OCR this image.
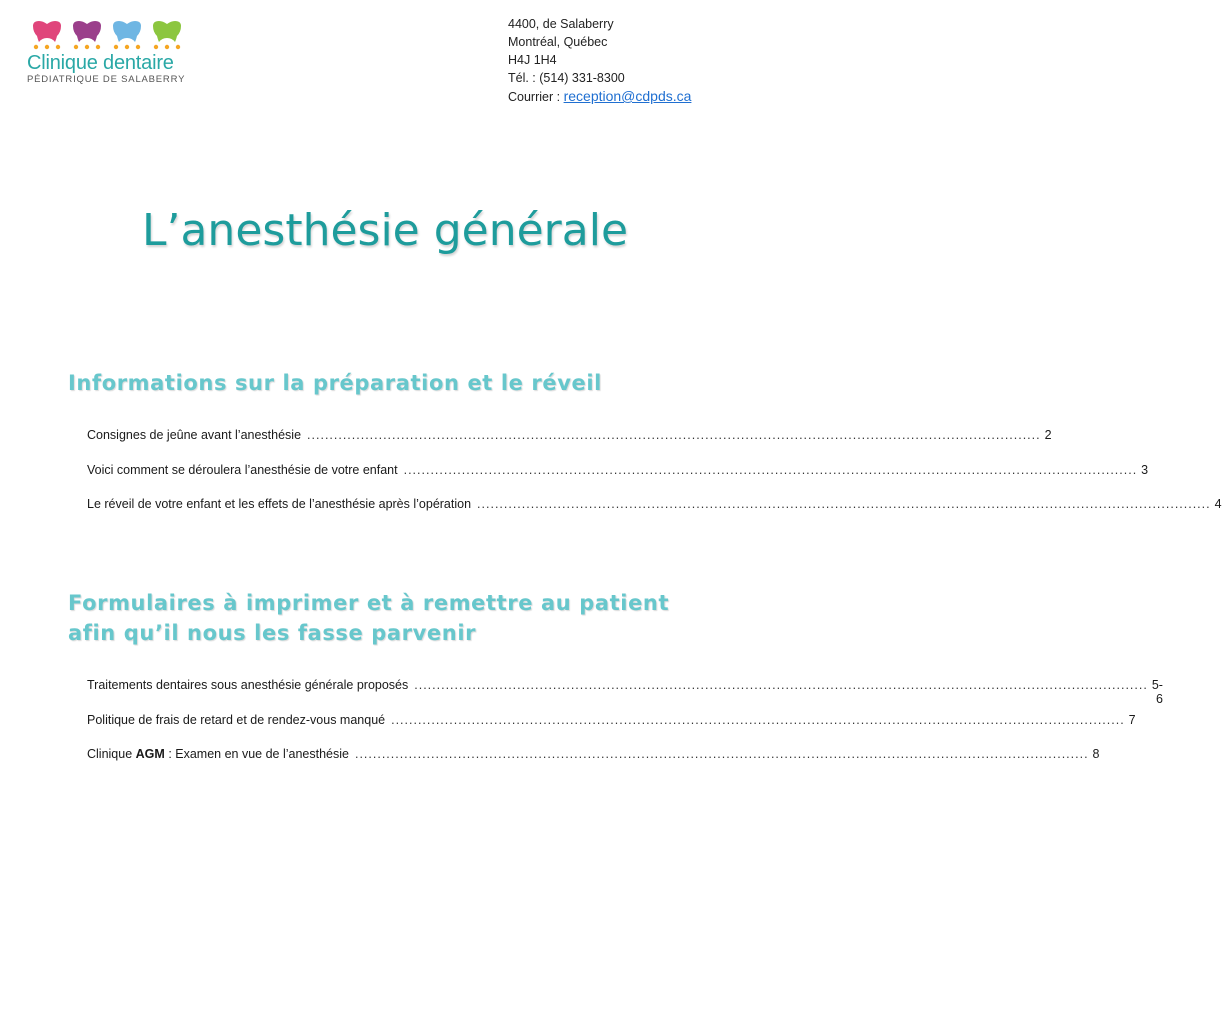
Clinique dentaire
PÉDIATRIQUE DE SALABERRY
4400, de Salaberry
Montréal, Québec
H4J 1H4
Tél. : (514) 331-8300
Courrier : reception@cdpds.ca
L’anesthésie générale
Informations sur la préparation et le réveil
Consignes de jeûne avant l’anesthésie .................................................................................................................................................................... 2
Voici comment se déroulera l’anesthésie de votre enfant .................................................................................................................................................................... 3
Le réveil de votre enfant et les effets de l’anesthésie après l’opération .................................................................................................................................................................... 4
Formulaires à imprimer et à remettre au patient afin qu’il nous les fasse parvenir
Traitements dentaires sous anesthésie générale proposés .................................................................................................................................................................... 5-6
Politique de frais de retard et de rendez-vous manqué .................................................................................................................................................................... 7
Clinique AGM : Examen en vue de l’anesthésie .................................................................................................................................................................... 8
